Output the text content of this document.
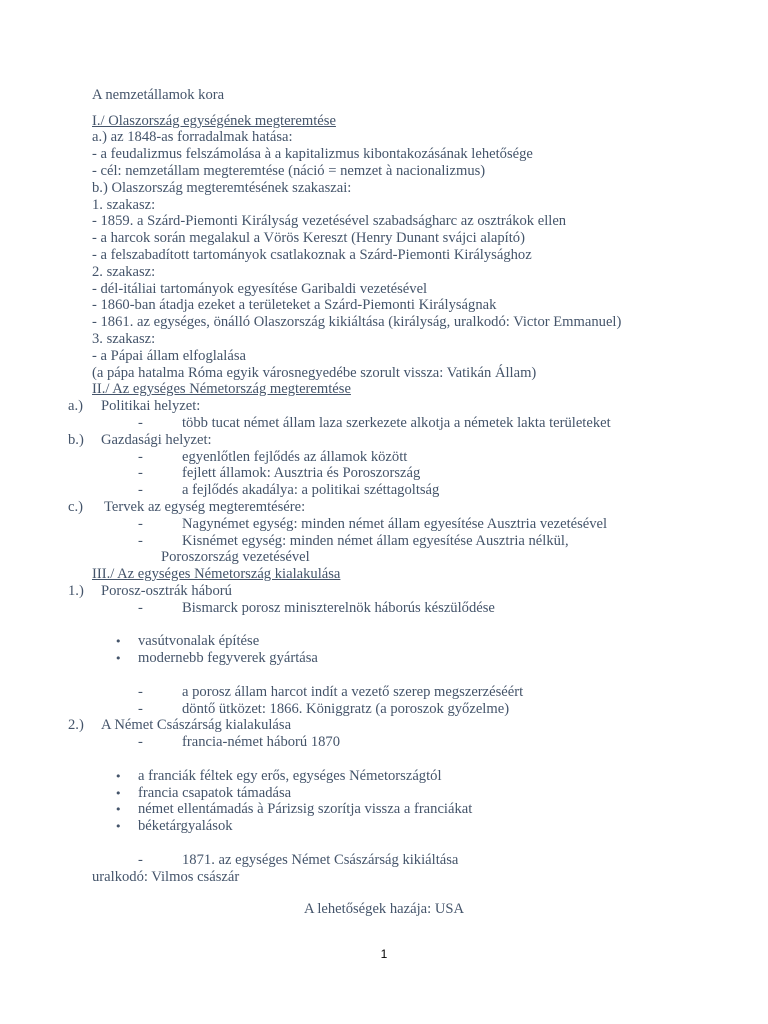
A nemzetállamok kora
I./ Olaszország egységének megteremtése
a.) az 1848-as forradalmak hatása:
- a feudalizmus felszámolása à a kapitalizmus kibontakozásának lehetősége
- cél: nemzetállam megteremtése (náció = nemzet à nacionalizmus)
b.) Olaszország megteremtésének szakaszai:
1. szakasz:
- 1859. a Szárd-Piemonti Királyság vezetésével szabadságharc az osztrákok ellen
- a harcok során megalakul a Vörös Kereszt (Henry Dunant svájci alapító)
- a felszabadított tartományok csatlakoznak a Szárd-Piemonti Királysághoz
2. szakasz:
- dél-itáliai tartományok egyesítése Garibaldi vezetésével
- 1860-ban átadja ezeket a területeket a Szárd-Piemonti Királyságnak
- 1861. az egységes, önálló Olaszország kikiáltása (királyság, uralkodó: Victor Emmanuel)
3. szakasz:
- a Pápai állam elfoglalása
(a pápa hatalma Róma egyik városnegyedébe szorult vissza: Vatikán Állam)
II./ Az egységes Németország megteremtése
a.) Politikai helyzet:
-	több tucat német állam laza szerkezete alkotja a németek lakta területeket
b.) Gazdasági helyzet:
-	egyenlőtlen fejlődés az államok között
-	fejlett államok: Ausztria és Poroszország
-	a fejlődés akadálya: a politikai széttagoltság
c.) Tervek az egység megteremtésére:
-	Nagynémet egység: minden német állam egyesítése Ausztria vezetésével
-	Kisnémet egység: minden német állam egyesítése Ausztria nélkül,
Poroszország vezetésével
III./ Az egységes Németország kialakulása
1.) Porosz-osztrák háború
-	Bismarck porosz miniszterelnök háborús készülődése
• vasútvonalak építése
• modernebb fegyverek gyártása
-	a porosz állam harcot indít a vezető szerep megszerzéséért
-	döntő ütközet: 1866. Königgratz (a poroszok győzelme)
2.) A Német Császárság kialakulása
-	francia-német háború 1870
• a franciák féltek egy erős, egységes Németországtól
• francia csapatok támadása
• német ellentámadás à Párizsig szorítja vissza a franciákat
• béketárgyalások
-	1871. az egységes Német Császárság kikiáltása
uralkodó: Vilmos császár
A lehetőségek hazája: USA
1
